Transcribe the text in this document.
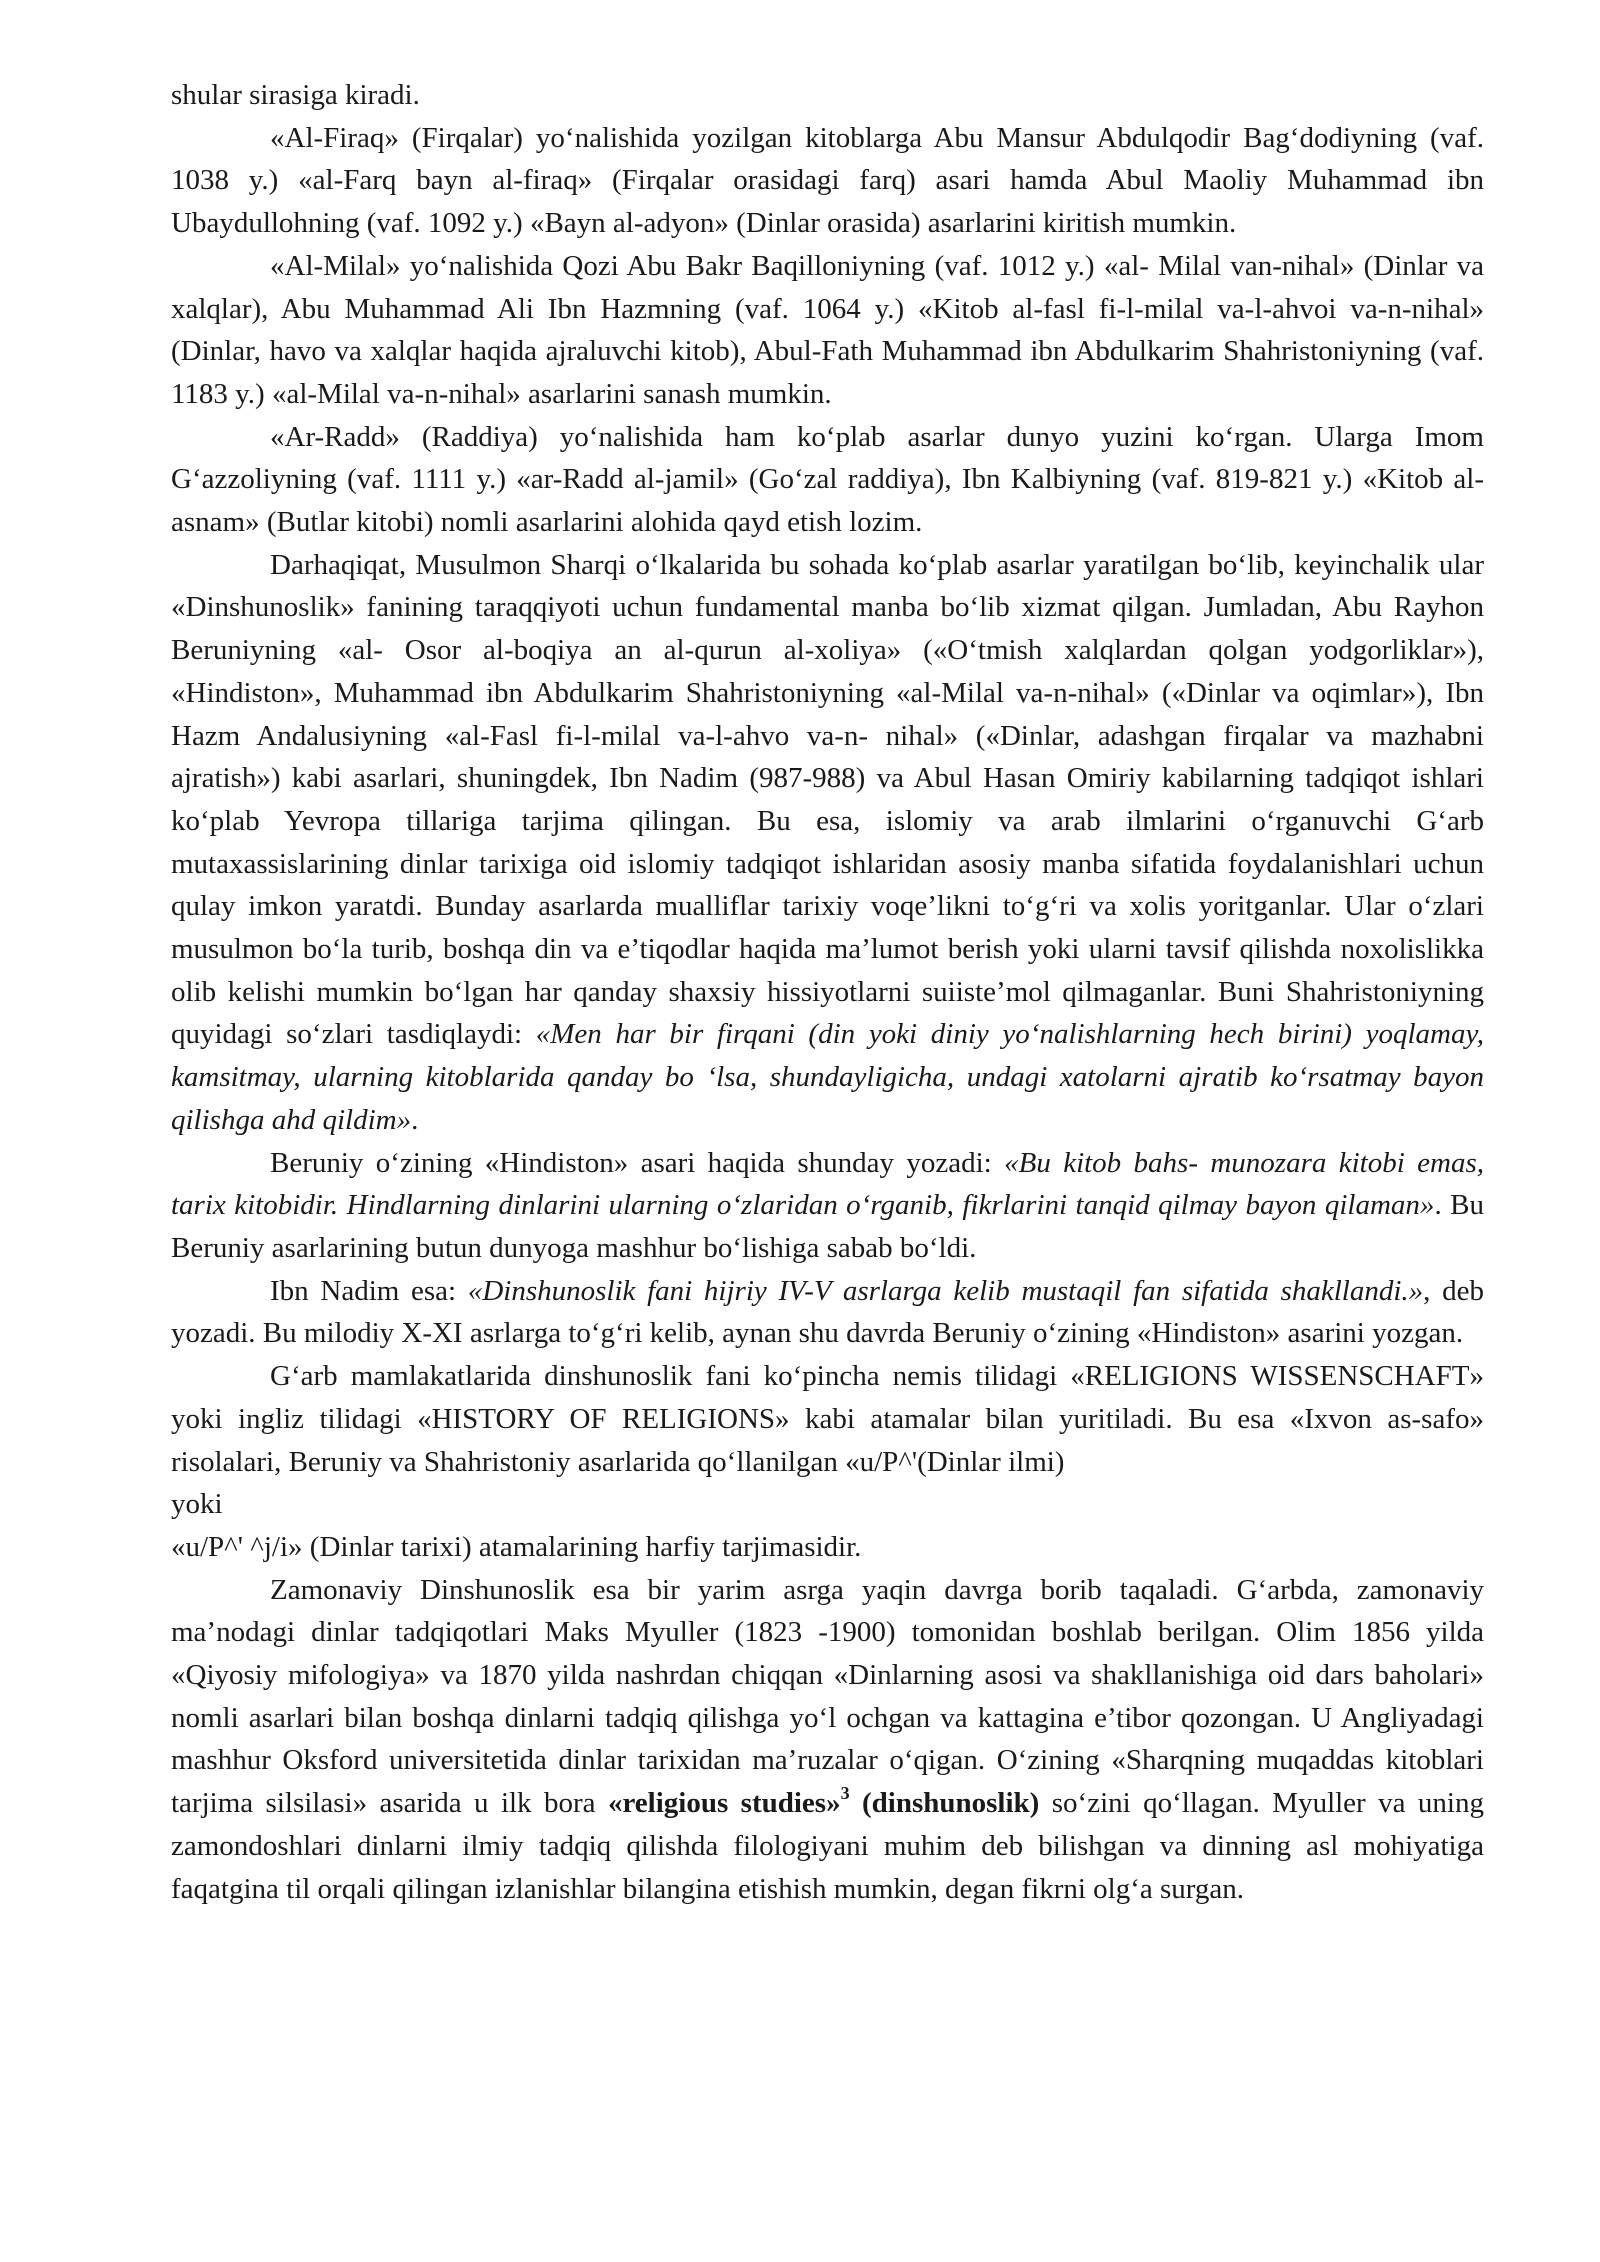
shular sirasiga kiradi.

«Al-Firaq» (Firqalar) yo‘nalishida yozilgan kitoblarga Abu Mansur Abdulqodir Bag‘dodiyning (vaf. 1038 y.) «al-Farq bayn al-firaq» (Firqalar orasidagi farq) asari hamda Abul Maoliy Muhammad ibn Ubaydullohning (vaf. 1092 y.) «Bayn al-adyon» (Dinlar orasida) asarlarini kiritish mumkin.

«Al-Milal» yo‘nalishida Qozi Abu Bakr Baqilloniyning (vaf. 1012 y.) «al- Milal van-nihal» (Dinlar va xalqlar), Abu Muhammad Ali Ibn Hazmning (vaf. 1064 y.) «Kitob al-fasl fi-l-milal va-l-ahvoi va-n-nihal» (Dinlar, havo va xalqlar haqida ajraluvchi kitob), Abul-Fath Muhammad ibn Abdulkarim Shahristoniyning (vaf. 1183 y.) «al-Milal va-n-nihal» asarlarini sanash mumkin.

«Ar-Radd» (Raddiya) yo‘nalishida ham ko‘plab asarlar dunyo yuzini ko‘rgan. Ularga Imom G‘azzoliyning (vaf. 1111 y.) «ar-Radd al-jamil» (Go‘zal raddiya), Ibn Kalbiyning (vaf. 819-821 y.) «Kitob al-asnam» (Butlar kitobi) nomli asarlarini alohida qayd etish lozim.

Darhaqiqat, Musulmon Sharqi o‘lkalarida bu sohada ko‘plab asarlar yaratilgan bo‘lib, keyinchalik ular «Dinshunoslik» fanining taraqqiyoti uchun fundamental manba bo‘lib xizmat qilgan. Jumladan, Abu Rayhon Beruniyning «al- Osor al-boqiya an al-qurun al-xoliya» («O‘tmish xalqlardan qolgan yodgorliklar»), «Hindiston», Muhammad ibn Abdulkarim Shahristoniyning «al-Milal va-n-nihal» («Dinlar va oqimlar»), Ibn Hazm Andalusiyning «al-Fasl fi-l-milal va-l-ahvo va-n- nihal» («Dinlar, adashgan firqalar va mazhabni ajratish») kabi asarlari, shuningdek, Ibn Nadim (987-988) va Abul Hasan Omiriy kabilarning tadqiqot ishlari ko‘plab Yevropa tillariga tarjima qilingan. Bu esa, islomiy va arab ilmlarini o‘rganuvchi G‘arb mutaxassislarining dinlar tarixiga oid islomiy tadqiqot ishlaridan asosiy manba sifatida foydalanishlari uchun qulay imkon yaratdi. Bunday asarlarda mualliflar tarixiy voqe’likni to‘g‘ri va xolis yoritganlar. Ular o‘zlari musulmon bo‘la turib, boshqa din va e’tiqodlar haqida ma’lumot berish yoki ularni tavsif qilishda noxolislikka olib kelishi mumkin bo‘lgan har qanday shaxsiy hissiyotlarni suiiste’mol qilmaganlar. Buni Shahristoniyning quyidagi so‘zlari tasdiqlaydi: «Men har bir firqani (din yoki diniy yo‘nalishlarning hech birini) yoqlamay, kamsitmay, ularning kitoblarida qanday bo ‘lsa, shundayligicha, undagi xatolarni ajratib ko‘rsatmay bayon qilishga ahd qildim».

Beruniy o‘zining «Hindiston» asari haqida shunday yozadi: «Bu kitob bahs- munozara kitobi emas, tarix kitobidir. Hindlarning dinlarini ularning o‘zlaridan o‘rganib, fikrlarini tanqid qilmay bayon qilaman». Bu Beruniy asarlarining butun dunyoga mashhur bo‘lishiga sabab bo‘ldi.

Ibn Nadim esa: «Dinshunoslik fani hijriy IV-V asrlarga kelib mustaqil fan sifatida shakllandi.», deb yozadi. Bu milodiy X-XI asrlarga to‘g‘ri kelib, aynan shu davrda Beruniy o‘zining «Hindiston» asarini yozgan.

G‘arb mamlakatlarida dinshunoslik fani ko‘pincha nemis tilidagi «RELIGIONS WISSENSCHAFT» yoki ingliz tilidagi «HISTORY OF RELIGIONS» kabi atamalar bilan yuritiladi. Bu esa «Ixvon as-safo» risolalari, Beruniy va Shahristoniy asarlarida qo‘llanilgan «u/P^'(Dinlar ilmi)

yoki

«u/P^' ^j/i» (Dinlar tarixi) atamalarining harfiy tarjimasidir.

Zamonaviy Dinshunoslik esa bir yarim asrga yaqin davrga borib taqaladi. G‘arbda, zamonaviy ma’nodagi dinlar tadqiqotlari Maks Myuller (1823 -1900) tomonidan boshlab berilgan. Olim 1856 yilda «Qiyosiy mifologiya» va 1870 yilda nashrdan chiqqan «Dinlarning asosi va shakllanishiga oid dars baholari» nomli asarlari bilan boshqa dinlarni tadqiq qilishga yo‘l ochgan va kattagina e’tibor qozongan. U Angliyadagi mashhur Oksford universitetida dinlar tarixidan ma’ruzalar o‘qigan. O‘zining «Sharqning muqaddas kitoblari tarjima silsilasi» asarida u ilk bora «religious studies»$^3$ (dinshunoslik) so‘zini qo‘llagan. Myuller va uning zamondoshlari dinlarni ilmiy tadqiq qilishda filologiyani muhim deb bilishgan va dinning asl mohiyatiga faqatgina til orqali qilingan izlanishlar bilangina etishish mumkin, degan fikrni olg‘a surgan.
